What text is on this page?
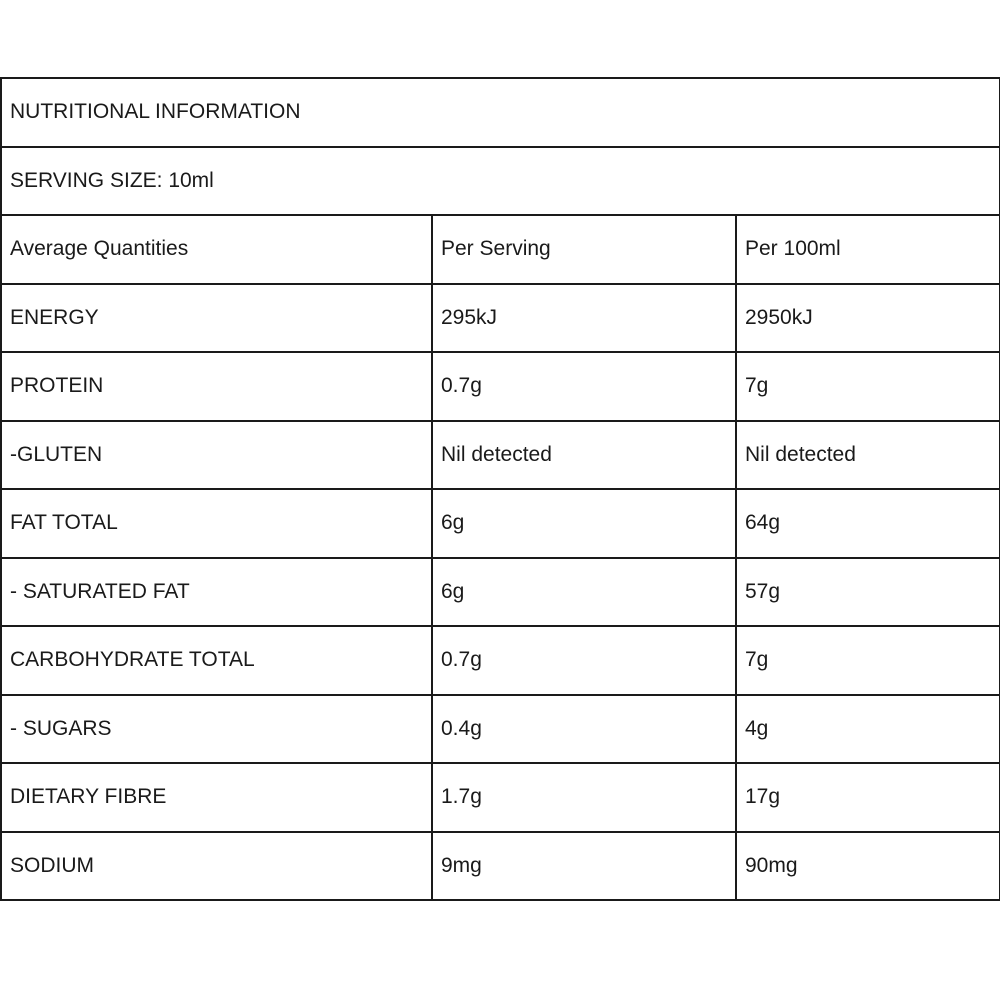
NUTRITIONAL INFORMATION		
SERVING SIZE: 10ml		
Average Quantities	Per Serving	Per 100ml
ENERGY	295kJ	2950kJ
PROTEIN	0.7g	7g
-GLUTEN	Nil detected	Nil detected
FAT TOTAL	6g	64g
- SATURATED FAT	6g	57g
CARBOHYDRATE TOTAL	0.7g	7g
- SUGARS	0.4g	4g
DIETARY FIBRE	1.7g	17g
SODIUM	9mg	90mg
